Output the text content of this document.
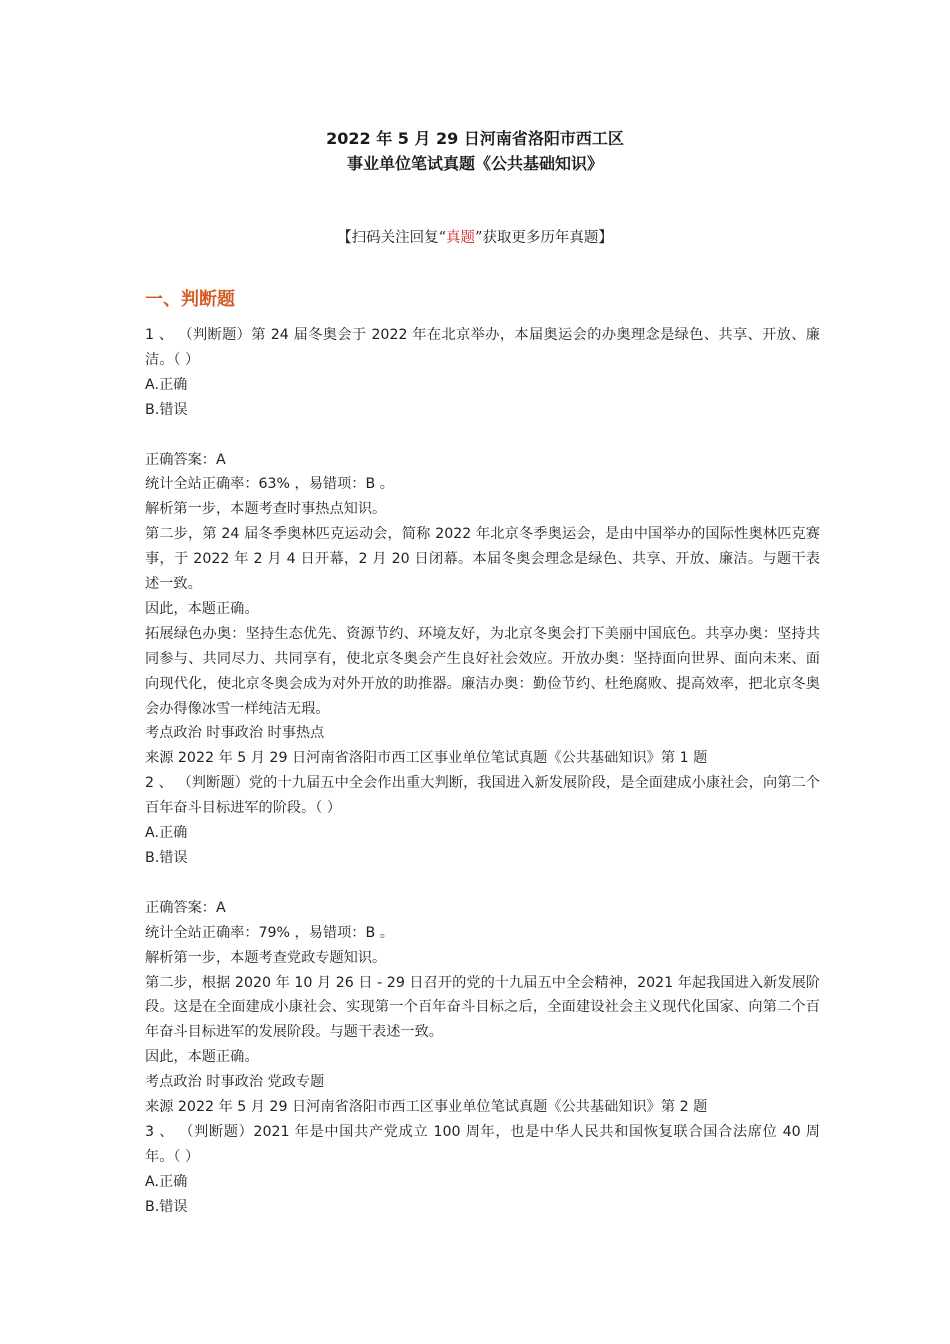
2022 年 5 月 29 日河南省洛阳市西工区
事业单位笔试真题《公共基础知识》
【扫码关注回复“真题”获取更多历年真题】
一、判断题

1 、 （判断题）第 24 届冬奥会于 2022 年在北京举办，本届奥运会的办奥理念是绿色、共享、开放、廉洁。（ ）

A.正确

B.错误

正确答案：A

统计全站正确率：63% ，易错项：B 。

解析第一步，本题考查时事热点知识。

第二步，第 24 届冬季奥林匹克运动会，简称 2022 年北京冬季奥运会，是由中国举办的国际性奥林匹克赛事，于 2022 年 2 月 4 日开幕，2 月 20 日闭幕。本届冬奥会理念是绿色、共享、开放、廉洁。与题干表述一致。

因此，本题正确。

拓展绿色办奥：坚持生态优先、资源节约、环境友好，为北京冬奥会打下美丽中国底色。共享办奥：坚持共同参与、共同尽力、共同享有，使北京冬奥会产生良好社会效应。开放办奥：坚持面向世界、面向未来、面向现代化，使北京冬奥会成为对外开放的助推器。廉洁办奥：勤俭节约、杜绝腐败、提高效率，把北京冬奥会办得像冰雪一样纯洁无瑕。

考点政治 时事政治 时事热点

来源 2022 年 5 月 29 日河南省洛阳市西工区事业单位笔试真题《公共基础知识》第 1 题

2 、 （判断题）党的十九届五中全会作出重大判断，我国进入新发展阶段，是全面建成小康社会，向第二个百年奋斗目标进军的阶段。（ ）

A.正确

B.错误

正确答案：A

统计全站正确率：79% ，易错项：B 。

解析第一步，本题考查党政专题知识。

第二步，根据 2020 年 10 月 26 日 - 29 日召开的党的十九届五中全会精神，2021 年起我国进入新发展阶段。这是在全面建成小康社会、实现第一个百年奋斗目标之后，全面建设社会主义现代化国家、向第二个百年奋斗目标进军的发展阶段。与题干表述一致。

因此，本题正确。

考点政治 时事政治 党政专题

来源 2022 年 5 月 29 日河南省洛阳市西工区事业单位笔试真题《公共基础知识》第 2 题

3 、 （判断题）2021 年是中国共产党成立 100 周年，也是中华人民共和国恢复联合国合法席位 40 周年。（ ）

A.正确

B.错误
